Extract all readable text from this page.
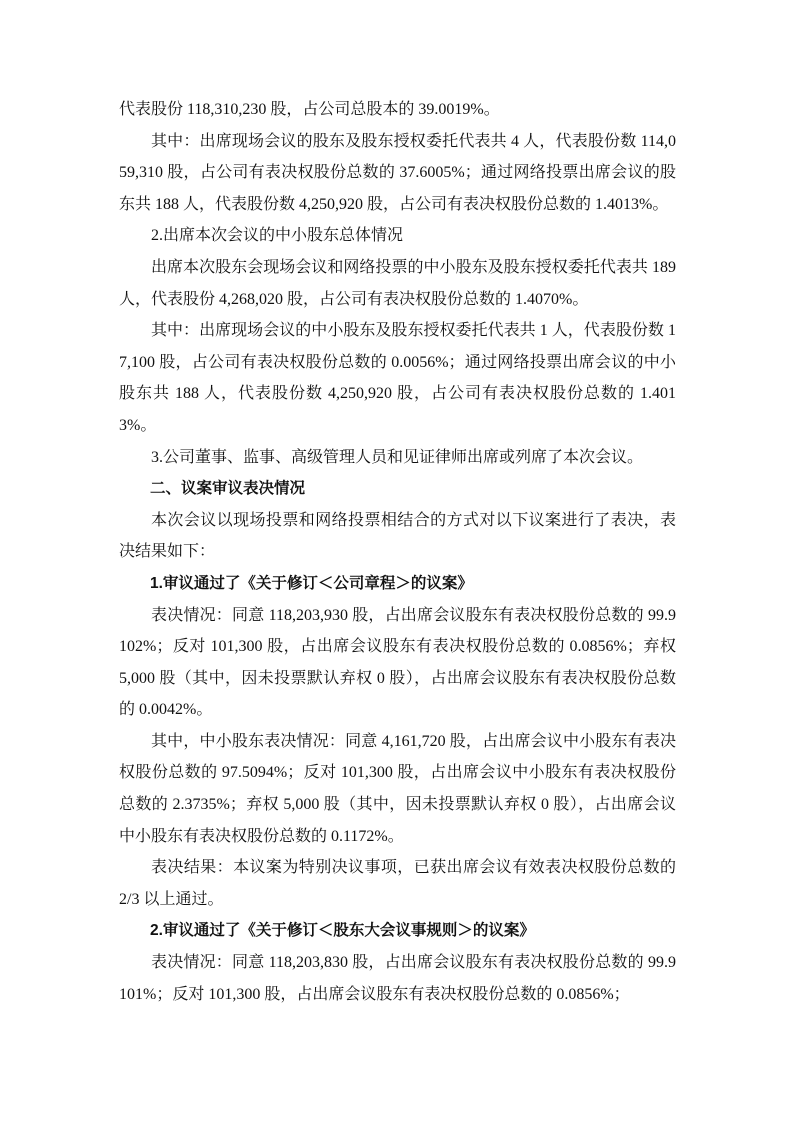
代表股份 118,310,230 股，占公司总股本的 39.0019%。

其中：出席现场会议的股东及股东授权委托代表共 4 人，代表股份数 114,059,310 股，占公司有表决权股份总数的 37.6005%；通过网络投票出席会议的股东共 188 人，代表股份数 4,250,920 股，占公司有表决权股份总数的 1.4013%。

2.出席本次会议的中小股东总体情况

出席本次股东会现场会议和网络投票的中小股东及股东授权委托代表共 189 人，代表股份 4,268,020 股，占公司有表决权股份总数的 1.4070%。

其中：出席现场会议的中小股东及股东授权委托代表共 1 人，代表股份数 17,100 股，占公司有表决权股份总数的 0.0056%；通过网络投票出席会议的中小股东共 188 人，代表股份数 4,250,920 股，占公司有表决权股份总数的 1.4013%。

3.公司董事、监事、高级管理人员和见证律师出席或列席了本次会议。

二、议案审议表决情况

本次会议以现场投票和网络投票相结合的方式对以下议案进行了表决，表决结果如下：

1.审议通过了《关于修订＜公司章程＞的议案》

表决情况：同意 118,203,930 股，占出席会议股东有表决权股份总数的 99.9102%；反对 101,300 股，占出席会议股东有表决权股份总数的 0.0856%；弃权 5,000 股（其中，因未投票默认弃权 0 股），占出席会议股东有表决权股份总数的 0.0042%。

其中，中小股东表决情况：同意 4,161,720 股，占出席会议中小股东有表决权股份总数的 97.5094%；反对 101,300 股，占出席会议中小股东有表决权股份总数的 2.3735%；弃权 5,000 股（其中，因未投票默认弃权 0 股），占出席会议中小股东有表决权股份总数的 0.1172%。

表决结果：本议案为特别决议事项，已获出席会议有效表决权股份总数的 2/3 以上通过。

2.审议通过了《关于修订＜股东大会议事规则＞的议案》

表决情况：同意 118,203,830 股，占出席会议股东有表决权股份总数的 99.9101%；反对 101,300 股，占出席会议股东有表决权股份总数的 0.0856%；
